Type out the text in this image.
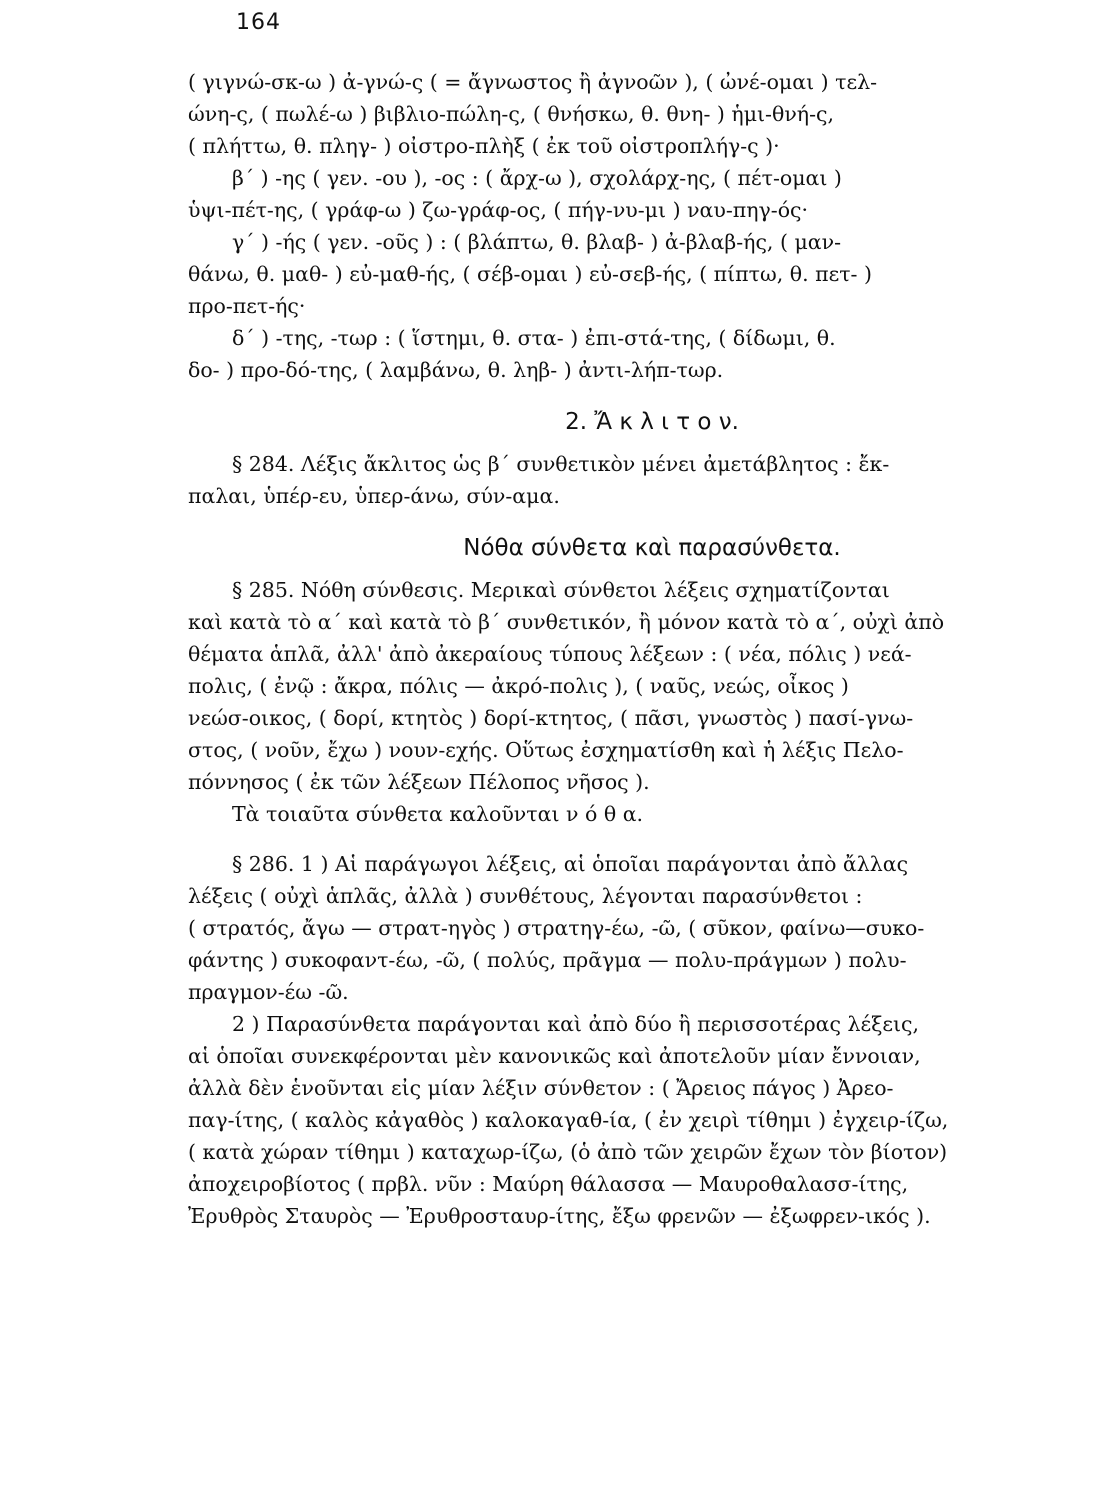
164
( γιγνώ-σκ-ω ) ἀ-γνώ-ς ( = ἄγνωστος ἢ ἀγνοῶν ), ( ὠνέ-ομαι ) τελ-
ώνη-ς, ( πωλέ-ω ) βιβλιο-πώλη-ς, ( θνήσκω, θ. θνη- ) ἡμι-θνή-ς,
( πλήττω, θ. πληγ- ) οἰστρο-πλὴξ ( ἐκ τοῦ οἰστροπλήγ-ς )·
β΄ ) -ης ( γεν. -ου ), -ος : ( ἄρχ-ω ), σχολάρχ-ης, ( πέτ-ομαι )
ὑψι-πέτ-ης, ( γράφ-ω ) ζω-γράφ-ος, ( πήγ-νυ-μι ) ναυ-πηγ-ός·
γ΄ ) -ής ( γεν. -οῦς ) : ( βλάπτω, θ. βλαβ- ) ἀ-βλαβ-ής, ( μαν-
θάνω, θ. μαθ- ) εὐ-μαθ-ής, ( σέβ-ομαι ) εὐ-σεβ-ής, ( πίπτω, θ. πετ- )
προ-πετ-ής·
δ΄ ) -της, -τωρ : ( ἵστημι, θ. στα- ) ἐπι-στά-της, ( δίδωμι, θ.
δο- ) προ-δό-της, ( λαμβάνω, θ. ληβ- ) ἀντι-λήπ-τωρ.
2. Ἄ κ λ ι τ ο ν.
§ 284. Λέξις ἄκλιτος ὡς β΄ συνθετικὸν μένει ἀμετάβλητος : ἔκ-
παλαι, ὑπέρ-ευ, ὑπερ-άνω, σύν-αμα.
Νόθα σύνθετα καὶ παρασύνθετα.
§ 285. Νόθη σύνθεσις. Μερικαὶ σύνθετοι λέξεις σχηματίζονται
καὶ κατὰ τὸ α΄ καὶ κατὰ τὸ β΄ συνθετικόν, ἢ μόνον κατὰ τὸ α΄, οὐχὶ ἀπὸ
θέματα ἁπλᾶ, ἀλλ' ἀπὸ ἀκεραίους τύπους λέξεων : ( νέα, πόλις ) νεά-
πολις, ( ἐνῷ : ἄκρα, πόλις — ἀκρό-πολις ), ( ναῦς, νεώς, οἶκος )
νεώσ-οικος, ( δορί, κτητὸς ) δορί-κτητος, ( πᾶσι, γνωστὸς ) πασί-γνω-
στος, ( νοῦν, ἔχω ) νουν-εχής. Οὕτως ἐσχηματίσθη καὶ ἡ λέξις Πελο-
πόννησος ( ἐκ τῶν λέξεων Πέλοπος νῆσος ).
Τὰ τοιαῦτα σύνθετα καλοῦνται ν ό θ α.
§ 286. 1 ) Αἱ παράγωγοι λέξεις, αἱ ὁποῖαι παράγονται ἀπὸ ἄλλας
λέξεις ( οὐχὶ ἁπλᾶς, ἀλλὰ ) συνθέτους, λέγονται παρασύνθετοι :
( στρατός, ἄγω — στρατ-ηγὸς ) στρατηγ-έω, -ῶ, ( σῦκον, φαίνω—συκο-
φάντης ) συκοφαντ-έω, -ῶ, ( πολύς, πρᾶγμα — πολυ-πράγμων ) πολυ-
πραγμον-έω -ῶ.
2 ) Παρασύνθετα παράγονται καὶ ἀπὸ δύο ἢ περισσοτέρας λέξεις,
αἱ ὁποῖαι συνεκφέρονται μὲν κανονικῶς καὶ ἀποτελοῦν μίαν ἔννοιαν,
ἀλλὰ δὲν ἑνοῦνται εἰς μίαν λέξιν σύνθετον : ( Ἄρειος πάγος ) Ἀρεο-
παγ-ίτης, ( καλὸς κἀγαθὸς ) καλοκαγαθ-ία, ( ἐν χειρὶ τίθημι ) ἐγχειρ-ίζω,
( κατὰ χώραν τίθημι ) καταχωρ-ίζω, (ὁ ἀπὸ τῶν χειρῶν ἔχων τὸν βίοτον)
ἀποχειροβίοτος ( πρβλ. νῦν : Μαύρη θάλασσα — Μαυροθαλασσ-ίτης,
Ἐρυθρὸς Σταυρὸς — Ἐρυθροσταυρ-ίτης, ἔξω φρενῶν — ἐξωφρεν-ικός ).
